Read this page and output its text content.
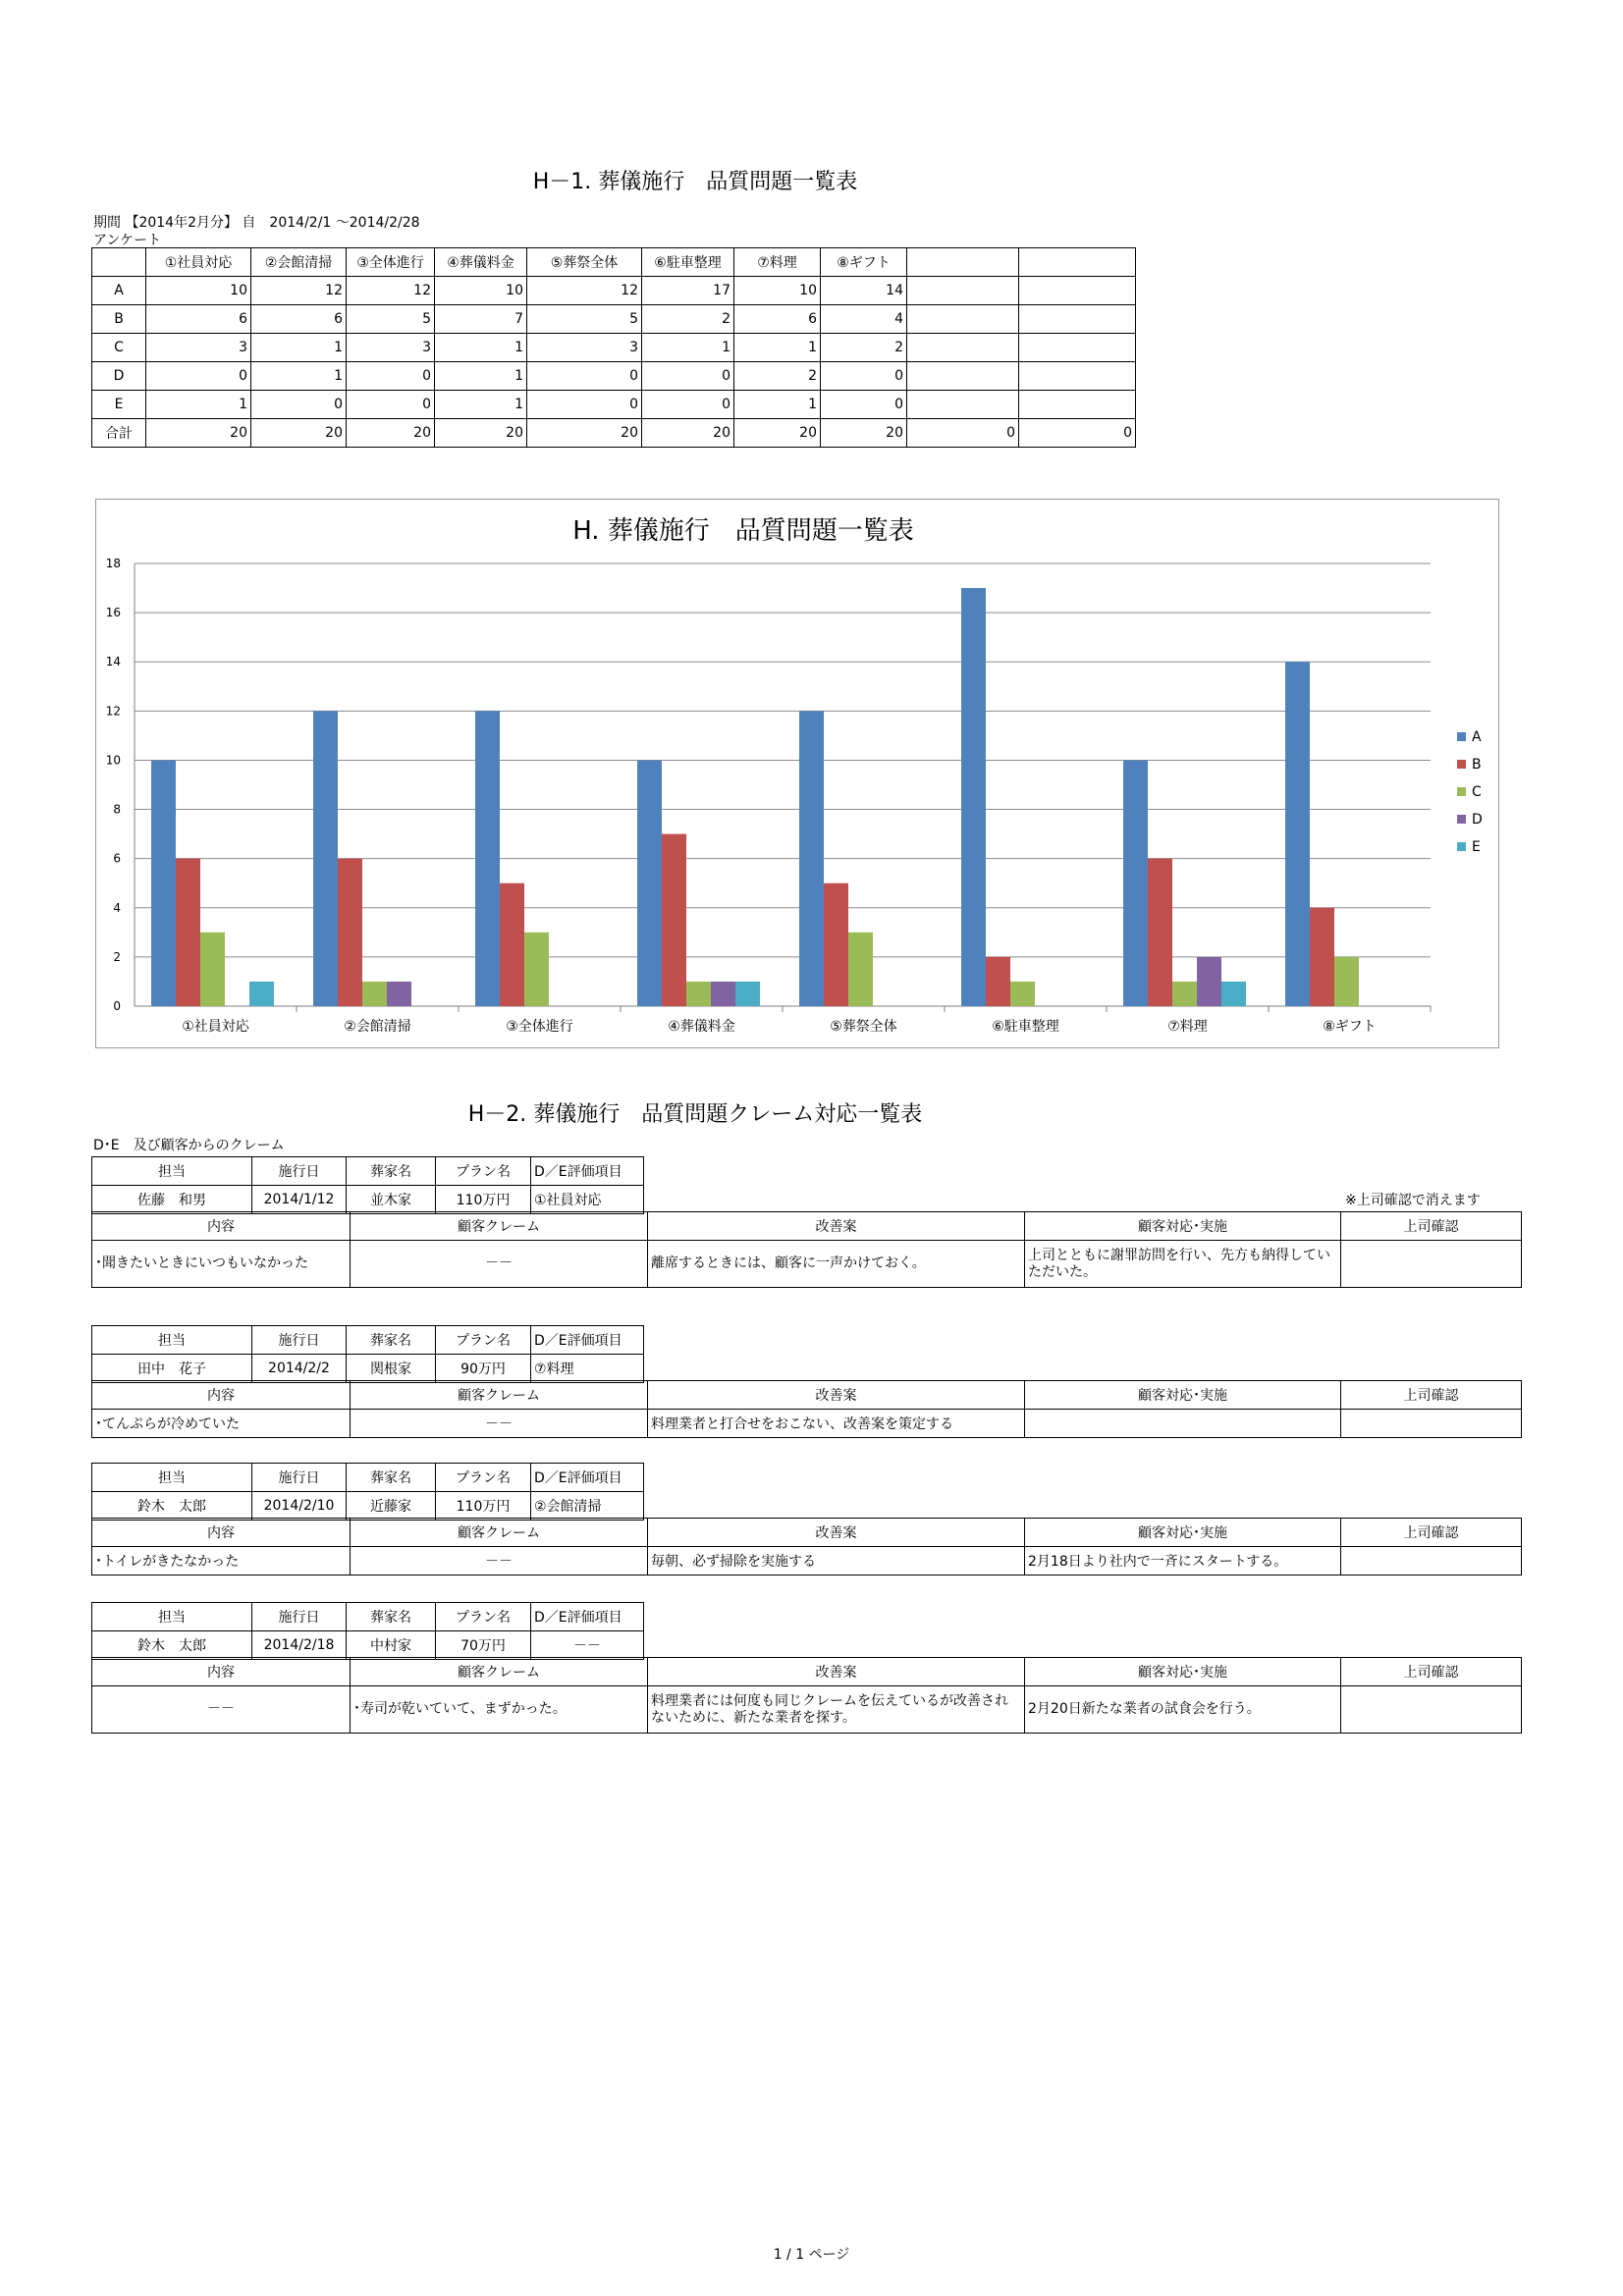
H－1. 葬儀施行　品質問題一覧表
期間 【2014年2月分】 自　2014/2/1 ～2014/2/28
アンケート
	①社員対応	②会館清掃	③全体進行	④葬儀料金	⑤葬祭全体	⑥駐車整理	⑦料理	⑧ギフト		
A	10	12	12	10	12	17	10	14		
B	6	6	5	7	5	2	6	4		
C	3	1	3	1	3	1	1	2		
D	0	1	0	1	0	0	2	0		
E	1	0	0	1	0	0	1	0		
合計	20	20	20	20	20	20	20	20	0	0
H. 葬儀施行　品質問題一覧表
0
2
4
6
8
10
12
14
16
18
①社員対応	②会館清掃	③全体進行	④葬儀料金	⑤葬祭全体	⑥駐車整理	⑦料理	⑧ギフト
A
B
C
D
E
H－2. 葬儀施行　品質問題クレーム対応一覧表
D･E　及び顧客からのクレーム
※上司確認で消えます
担当	施行日	葬家名	プラン名	D／E評価項目
佐藤　和男	2014/1/12	並木家	110万円	①社員対応
内容	顧客クレーム	改善案	顧客対応･実施	上司確認
･聞きたいときにいつもいなかった	－－	離席するときには、顧客に一声かけておく。	上司とともに謝罪訪問を行い、先方も納得していただいた。	
担当	施行日	葬家名	プラン名	D／E評価項目
田中　花子	2014/2/2	関根家	90万円	⑦料理
内容	顧客クレーム	改善案	顧客対応･実施	上司確認
･てんぷらが冷めていた	－－	料理業者と打合せをおこない、改善案を策定する		
担当	施行日	葬家名	プラン名	D／E評価項目
鈴木　太郎	2014/2/10	近藤家	110万円	②会館清掃
内容	顧客クレーム	改善案	顧客対応･実施	上司確認
･トイレがきたなかった	－－	毎朝、必ず掃除を実施する	2月18日より社内で一斉にスタートする。	
担当	施行日	葬家名	プラン名	D／E評価項目
鈴木　太郎	2014/2/18	中村家	70万円	－－
内容	顧客クレーム	改善案	顧客対応･実施	上司確認
－－	･寿司が乾いていて、まずかった。	料理業者には何度も同じクレームを伝えているが改善されないために、新たな業者を探す。	2月20日新たな業者の試食会を行う。	
1 / 1 ページ
